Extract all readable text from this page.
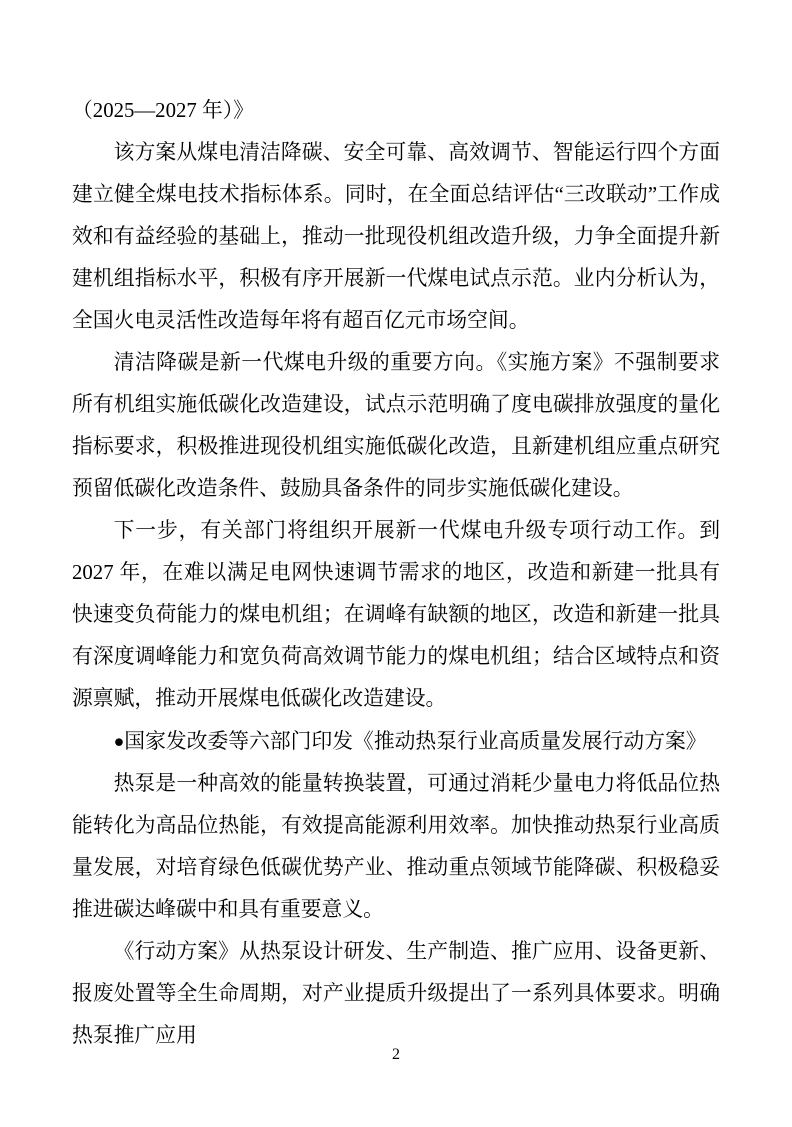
（2025—2027 年）》
该方案从煤电清洁降碳、安全可靠、高效调节、智能运行四个方面建立健全煤电技术指标体系。同时，在全面总结评估“三改联动”工作成效和有益经验的基础上，推动一批现役机组改造升级，力争全面提升新建机组指标水平，积极有序开展新一代煤电试点示范。业内分析认为，全国火电灵活性改造每年将有超百亿元市场空间。
清洁降碳是新一代煤电升级的重要方向。《实施方案》不强制要求所有机组实施低碳化改造建设，试点示范明确了度电碳排放强度的量化指标要求，积极推进现役机组实施低碳化改造，且新建机组应重点研究预留低碳化改造条件、鼓励具备条件的同步实施低碳化建设。
下一步，有关部门将组织开展新一代煤电升级专项行动工作。到 2027 年，在难以满足电网快速调节需求的地区，改造和新建一批具有快速变负荷能力的煤电机组；在调峰有缺额的地区，改造和新建一批具有深度调峰能力和宽负荷高效调节能力的煤电机组；结合区域特点和资源禀赋，推动开展煤电低碳化改造建设。
●国家发改委等六部门印发《推动热泵行业高质量发展行动方案》
热泵是一种高效的能量转换装置，可通过消耗少量电力将低品位热能转化为高品位热能，有效提高能源利用效率。加快推动热泵行业高质量发展，对培育绿色低碳优势产业、推动重点领域节能降碳、积极稳妥推进碳达峰碳中和具有重要意义。
《行动方案》从热泵设计研发、生产制造、推广应用、设备更新、报废处置等全生命周期，对产业提质升级提出了一系列具体要求。明确热泵推广应用
2
